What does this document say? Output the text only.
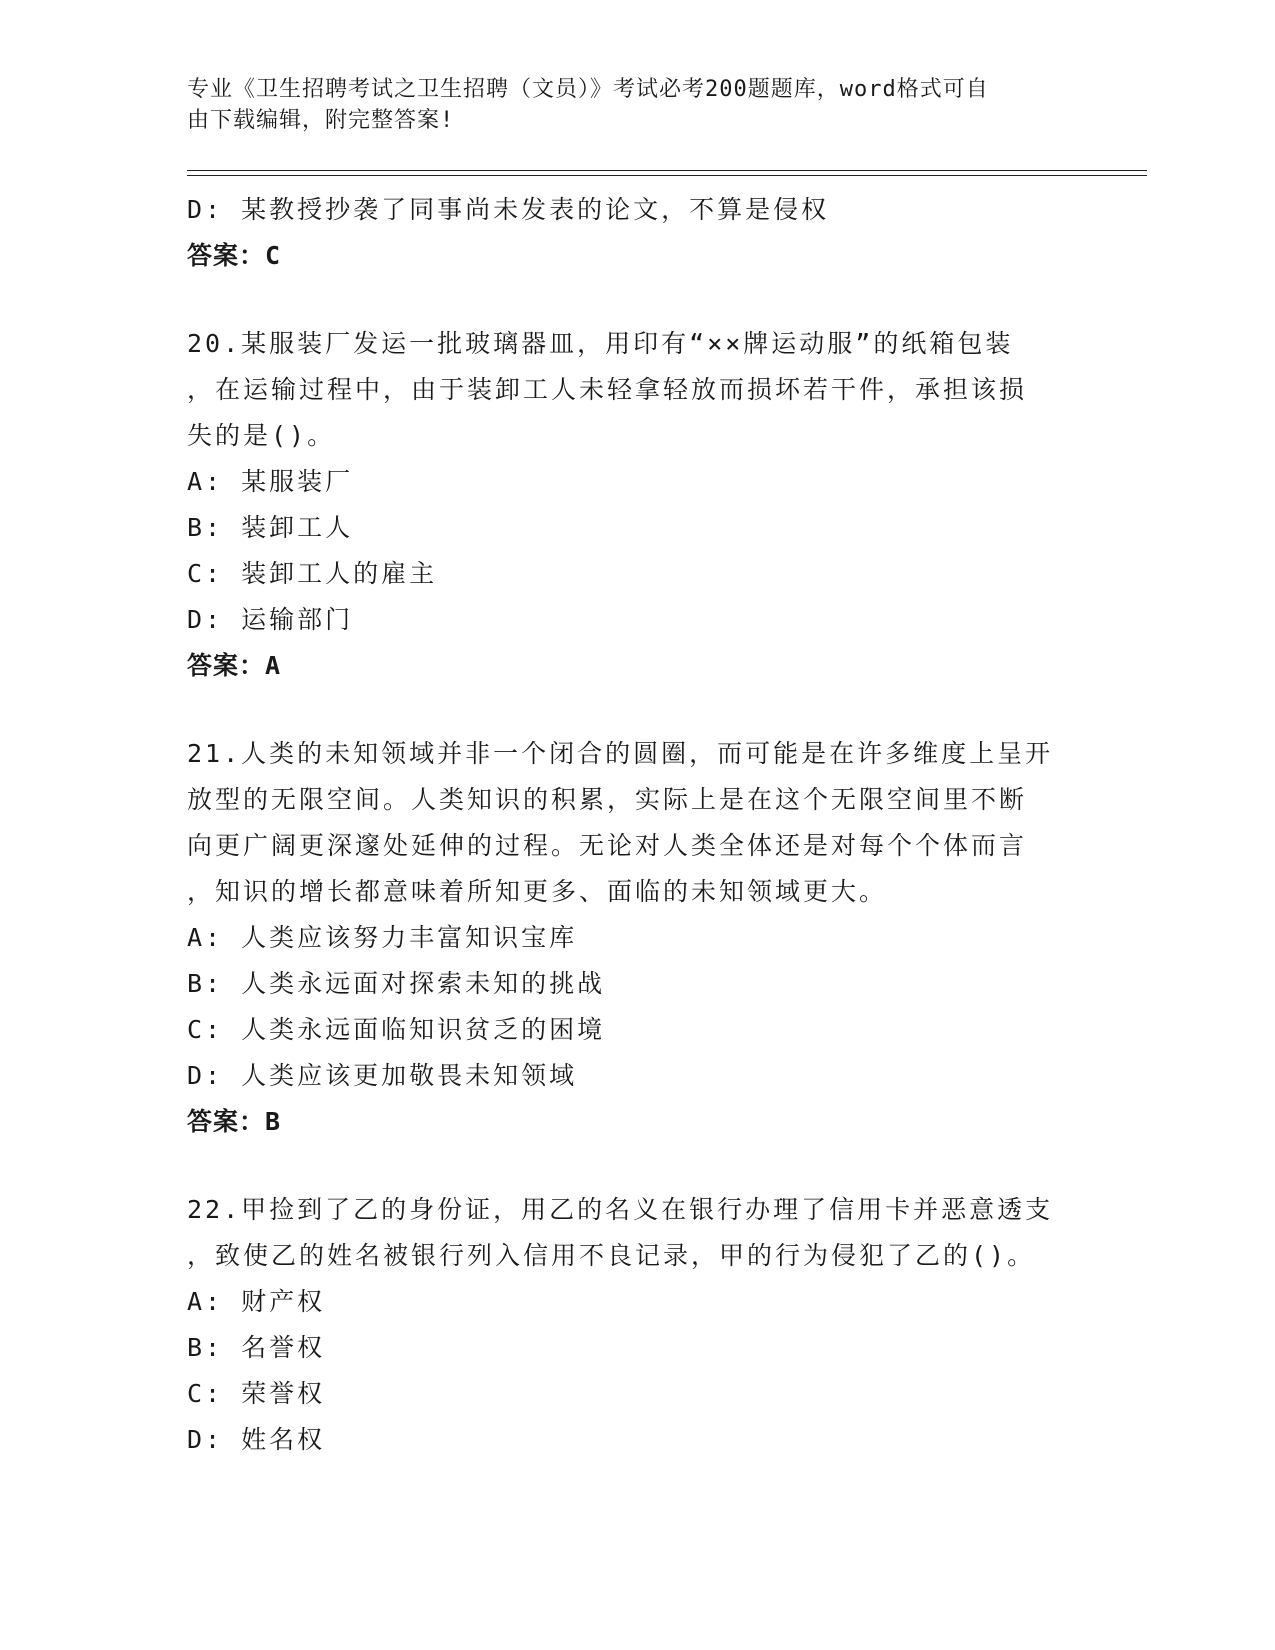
专业《卫生招聘考试之卫生招聘（文员）》考试必考200题题库，word格式可自
由下载编辑，附完整答案!
D: 某教授抄袭了同事尚未发表的论文，不算是侵权
答案：C
20.某服装厂发运一批玻璃器皿，用印有“××牌运动服”的纸箱包装
，在运输过程中，由于装卸工人未轻拿轻放而损坏若干件，承担该损
失的是()。
A: 某服装厂
B: 装卸工人
C: 装卸工人的雇主
D: 运输部门
答案：A
21.人类的未知领域并非一个闭合的圆圈，而可能是在许多维度上呈开
放型的无限空间。人类知识的积累，实际上是在这个无限空间里不断
向更广阔更深邃处延伸的过程。无论对人类全体还是对每个个体而言
，知识的增长都意味着所知更多、面临的未知领域更大。
A: 人类应该努力丰富知识宝库
B: 人类永远面对探索未知的挑战
C: 人类永远面临知识贫乏的困境
D: 人类应该更加敬畏未知领域
答案：B
22.甲捡到了乙的身份证，用乙的名义在银行办理了信用卡并恶意透支
，致使乙的姓名被银行列入信用不良记录，甲的行为侵犯了乙的()。
A: 财产权
B: 名誉权
C: 荣誉权
D: 姓名权
